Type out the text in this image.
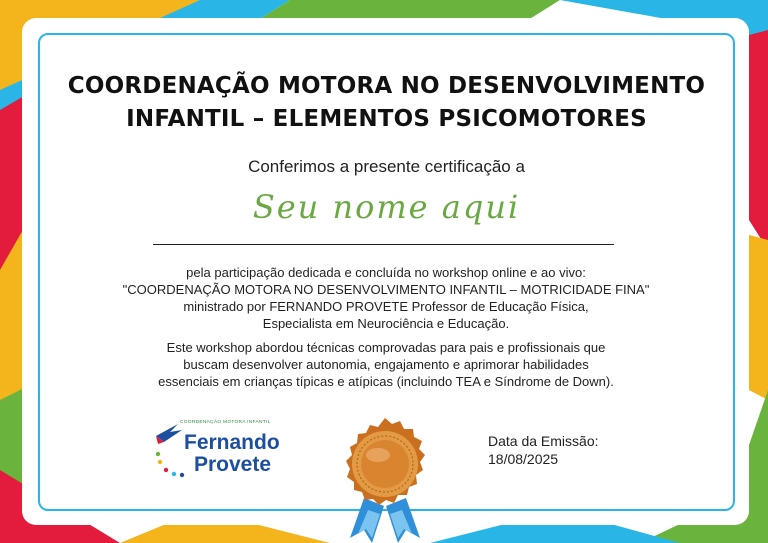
COORDENAÇÃO MOTORA NO DESENVOLVIMENTO
INFANTIL – ELEMENTOS PSICOMOTORES
Conferimos a presente certificação a
Seu nome aqui
pela participação dedicada e concluída no workshop online e ao vivo:
"COORDENAÇÃO MOTORA NO DESENVOLVIMENTO INFANTIL – MOTRICIDADE FINA"
ministrado por FERNANDO PROVETE Professor de Educação Física,
Especialista em Neurociência e Educação.
Este workshop abordou técnicas comprovadas para pais e profissionais que
buscam desenvolver autonomia, engajamento e aprimorar habilidades
essenciais em crianças típicas e atípicas (incluindo TEA e Síndrome de Down).
COORDENAÇÃO MOTORA INFANTIL
Fernando
Provete
Data da Emissão:
18/08/2025
